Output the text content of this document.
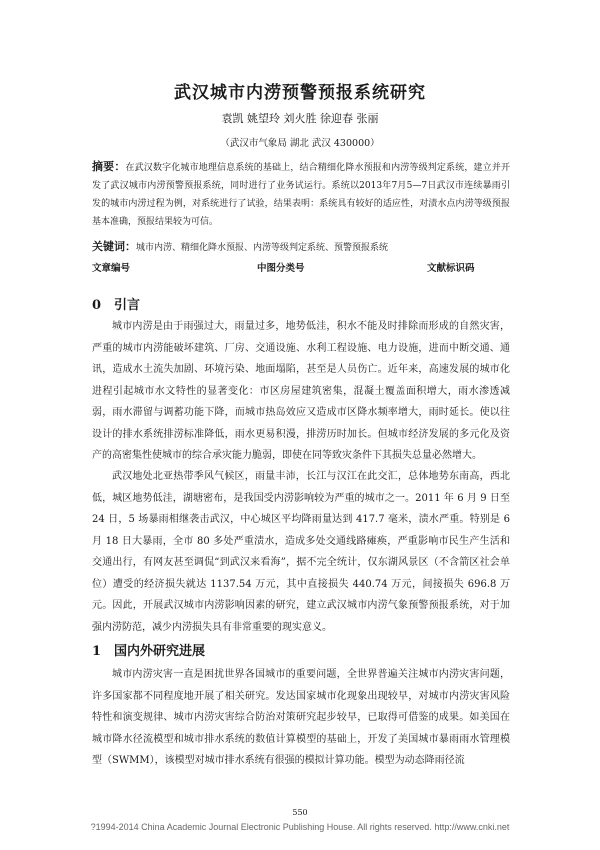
武汉城市内涝预警预报系统研究

袁凯 姚望玲 刘火胜 徐迎春 张丽

（武汉市气象局 湖北 武汉 430000）

摘要：在武汉数字化城市地理信息系统的基础上，结合精细化降水预报和内涝等级判定系统，建立并开发了武汉城市内涝预警预报系统，同时进行了业务试运行。系统以2013年7月5—7日武汉市连续暴雨引发的城市内涝过程为例，对系统进行了试验，结果表明：系统具有较好的适应性，对渍水点内涝等级预报基本准确，预报结果较为可信。

关键词：城市内涝、精细化降水预报、内涝等级判定系统、预警预报系统

文章编号	中图分类号	文献标识码
0 引言

城市内涝是由于雨强过大，雨量过多，地势低洼，积水不能及时排除而形成的自然灾害，严重的城市内涝能破坏建筑、厂房、交通设施、水利工程设施、电力设施，进而中断交通、通讯，造成水土流失加剧、环境污染、地面塌陷，甚至是人员伤亡。近年来，高速发展的城市化进程引起城市水文特性的显著变化：市区房屋建筑密集，混凝土覆盖面积增大，雨水渗透减弱，雨水滞留与调蓄功能下降，而城市热岛效应又造成市区降水频率增大，雨时延长。使以往设计的排水系统排涝标准降低，雨水更易积漫，排涝历时加长。但城市经济发展的多元化及资产的高密集性使城市的综合承灾能力脆弱，即使在同等致灾条件下其损失总量必然增大。

武汉地处北亚热带季风气候区，雨量丰沛，长江与汉江在此交汇，总体地势东南高，西北低，城区地势低洼，湖塘密布，是我国受内涝影响较为严重的城市之一。2011 年 6 月 9 日至 24 日，5 场暴雨相继袭击武汉，中心城区平均降雨量达到 417.7 毫米，渍水严重。特别是 6 月 18 日大暴雨，全市 80 多处严重渍水，造成多处交通线路瘫痪，严重影响市民生产生活和交通出行，有网友甚至调侃“到武汉来看海”，据不完全统计，仅东湖风景区（不含箭区社会单位）遭受的经济损失就达 1137.54 万元，其中直接损失 440.74 万元，间接损失 696.8 万元。因此，开展武汉城市内涝影响因素的研究，建立武汉城市内涝气象预警预报系统，对于加强内涝防范，减少内涝损失具有非常重要的现实意义。

1 国内外研究进展

城市内涝灾害一直是困扰世界各国城市的重要问题，全世界普遍关注城市内涝灾害问题，许多国家都不同程度地开展了相关研究。发达国家城市化现象出现较早，对城市内涝灾害风险特性和演变规律、城市内涝灾害综合防治对策研究起步较早，已取得可借鉴的成果。如美国在城市降水径流模型和城市排水系统的数值计算模型的基础上，开发了美国城市暴雨雨水管理模型（SWMM），该模型对城市排水系统有很强的模拟计算功能。模型为动态降雨径流

550

?1994-2014 China Academic Journal Electronic Publishing House. All rights reserved. http://www.cnki.net
